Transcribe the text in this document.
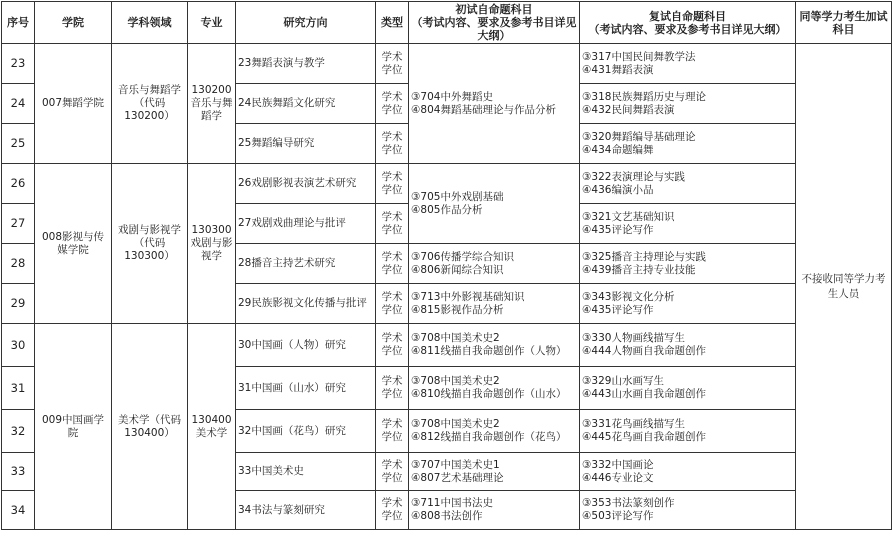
序号	学院	学科领域	专业	研究方向	类型	初试自命题科目
（考试内容、要求及参考书目详见大纲）	复试自命题科目
（考试内容、要求及参考书目详见大纲）	同等学力考生加试科目
23	007舞蹈学院	音乐与舞蹈学（代码130200）	130200音乐与舞蹈学	23舞蹈表演与教学	学术学位	③704中外舞蹈史
④804舞蹈基础理论与作品分析	③317中国民间舞教学法
④431舞蹈表演	不接收同等学力考生人员
24				24民族舞蹈文化研究	学术学位		③318民族舞蹈历史与理论
④432民间舞蹈表演	
25				25舞蹈编导研究	学术学位		③320舞蹈编导基础理论
④434命题编舞	
26	008影视与传媒学院	戏剧与影视学（代码130300）	130300戏剧与影视学	26戏剧影视表演艺术研究	学术学位	③705中外戏剧基础
④805作品分析	③322表演理论与实践
④436编演小品	
27				27戏剧戏曲理论与批评	学术学位		③321文艺基础知识
④435评论写作	
28				28播音主持艺术研究	学术学位	③706传播学综合知识
④806新闻综合知识	③325播音主持理论与实践
④439播音主持专业技能	
29				29民族影视文化传播与批评	学术学位	③713中外影视基础知识
④815影视作品分析	③343影视文化分析
④435评论写作	
30	009中国画学院	美术学（代码130400）	130400美术学	30中国画（人物）研究	学术学位	③708中国美术史2
④811线描自我命题创作（人物）	③330人物画线描写生
④444人物画自我命题创作	
31				31中国画（山水）研究	学术学位	③708中国美术史2
④810线描自我命题创作（山水）	③329山水画写生
④443山水画自我命题创作	
32				32中国画（花鸟）研究	学术学位	③708中国美术史2
④812线描自我命题创作（花鸟）	③331花鸟画线描写生
④445花鸟画自我命题创作	
33				33中国美术史	学术学位	③707中国美术史1
④807艺术基础理论	③332中国画论
④446专业论文	
34				34书法与篆刻研究	学术学位	③711中国书法史
④808书法创作	③353书法篆刻创作
④503评论写作	
